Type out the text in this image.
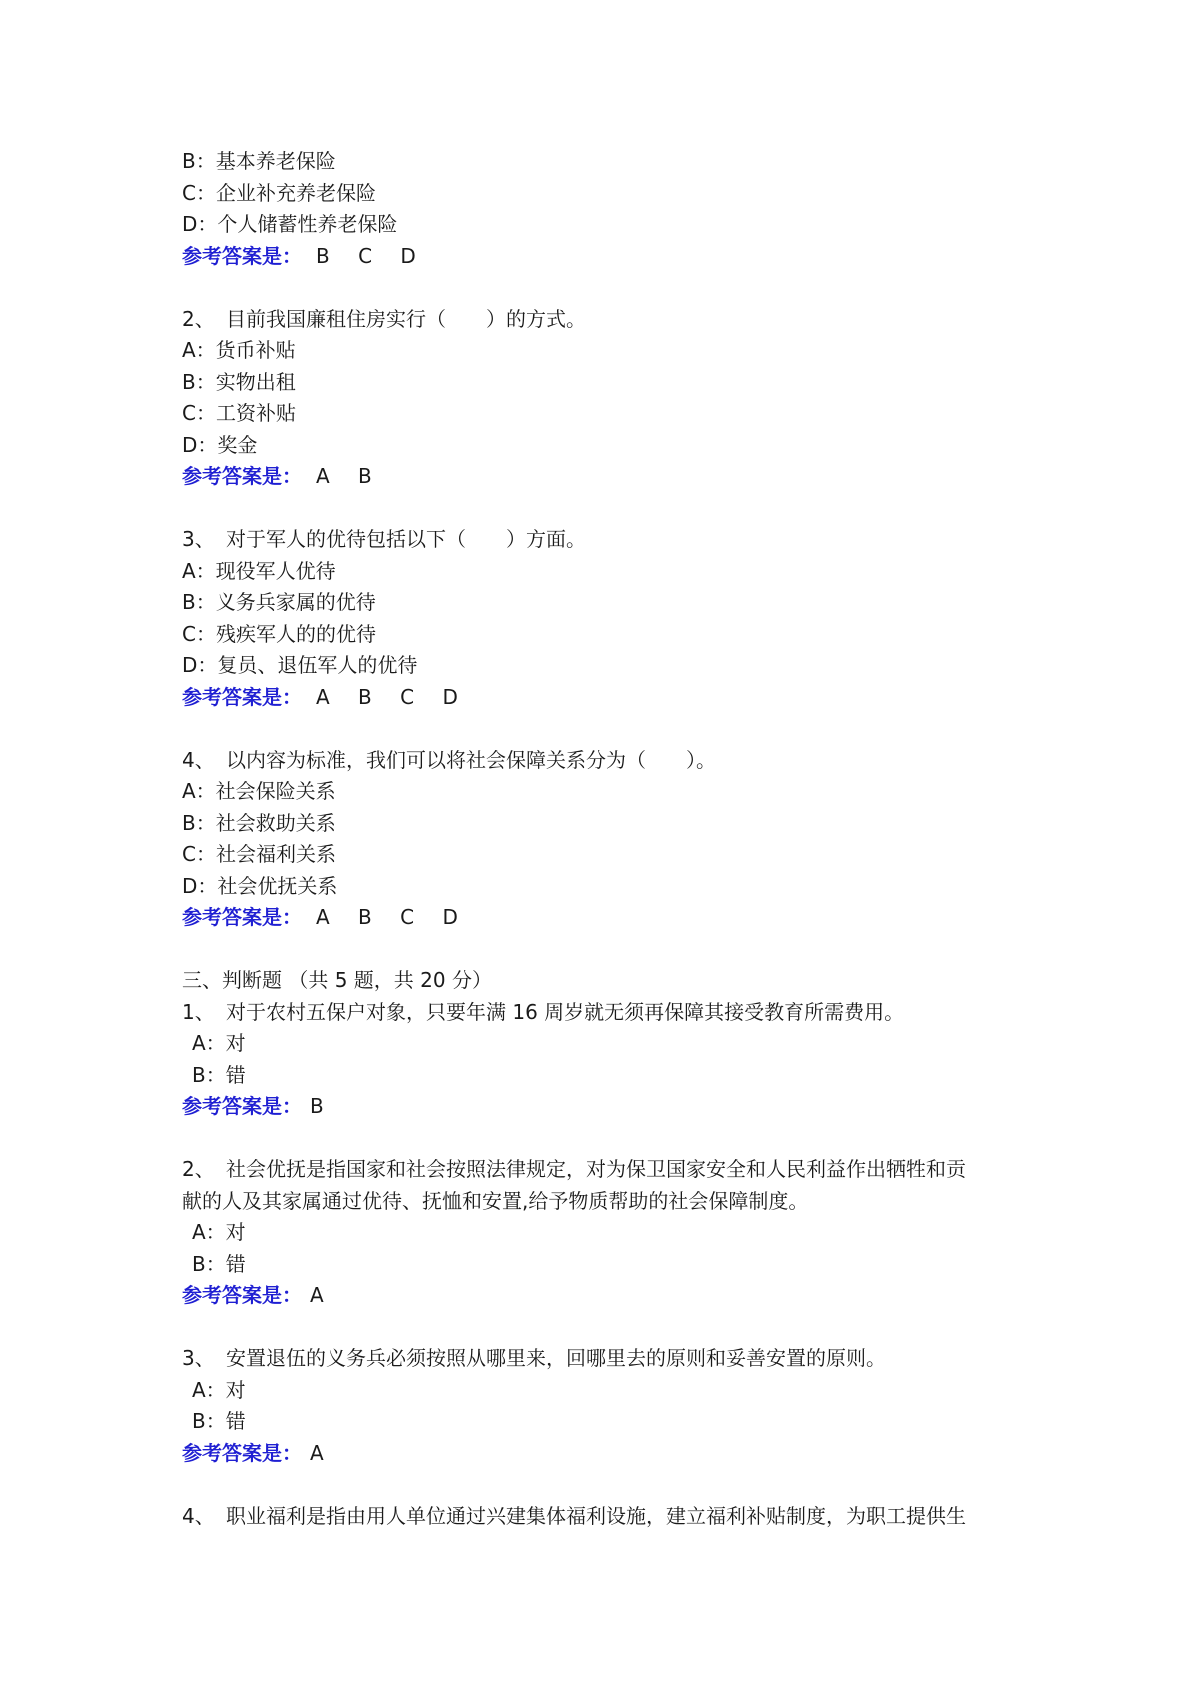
B：基本养老保险
C：企业补充养老保险
D：个人储蓄性养老保险
参考答案是： B C D
2、 目前我国廉租住房实行（　　）的方式。
A：货币补贴
B：实物出租
C：工资补贴
D：奖金
参考答案是： A B
3、 对于军人的优待包括以下（　　）方面。
A：现役军人优待
B：义务兵家属的优待
C：残疾军人的的优待
D：复员、退伍军人的优待
参考答案是： A B C D
4、 以内容为标准，我们可以将社会保障关系分为（　　）。
A：社会保险关系
B：社会救助关系
C：社会福利关系
D：社会优抚关系
参考答案是： A B C D
三、判断题 （共 5 题，共 20 分）
1、 对于农村五保户对象，只要年满 16 周岁就无须再保障其接受教育所需费用。
A：对
B：错
参考答案是： B
2、 社会优抚是指国家和社会按照法律规定，对为保卫国家安全和人民利益作出牺牲和贡
献的人及其家属通过优待、抚恤和安置,给予物质帮助的社会保障制度。
A：对
B：错
参考答案是： A
3、 安置退伍的义务兵必须按照从哪里来，回哪里去的原则和妥善安置的原则。
A：对
B：错
参考答案是： A
4、 职业福利是指由用人单位通过兴建集体福利设施，建立福利补贴制度，为职工提供生
